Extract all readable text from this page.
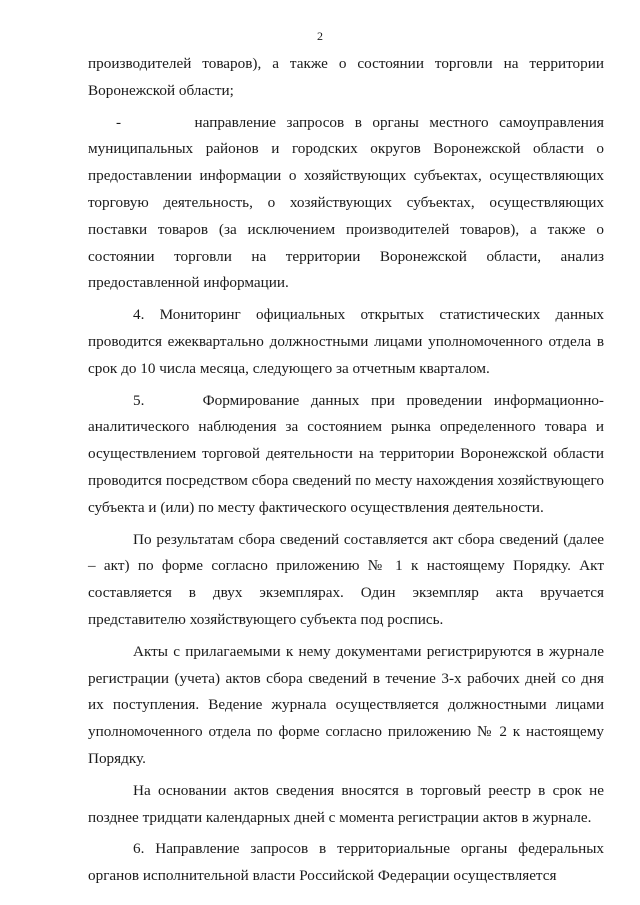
2

производителей товаров), а также о состоянии торговли на территории Воронежской области;

-       направление запросов в органы местного самоуправления муниципальных районов и городских округов Воронежской области о предоставлении информации о хозяйствующих субъектах, осуществляющих торговую деятельность, о хозяйствующих субъектах, осуществляющих поставки товаров (за исключением производителей товаров), а также о состоянии торговли на территории Воронежской области, анализ предоставленной информации.

4. Мониторинг официальных открытых статистических данных проводится ежеквартально должностными лицами уполномоченного отдела в срок до 10 числа месяца, следующего за отчетным кварталом.

5.     Формирование данных при проведении информационно-аналитического наблюдения за состоянием рынка определенного товара и осуществлением торговой деятельности на территории Воронежской области проводится посредством сбора сведений по месту нахождения хозяйствующего субъекта и (или) по месту фактического осуществления деятельности.

По результатам сбора сведений составляется акт сбора сведений (далее – акт) по форме согласно приложению № 1 к настоящему Порядку. Акт составляется в двух экземплярах. Один экземпляр акта вручается представителю хозяйствующего субъекта под роспись.

Акты с прилагаемыми к нему документами регистрируются в журнале регистрации (учета) актов сбора сведений в течение 3-х рабочих дней со дня их поступления. Ведение журнала осуществляется должностными лицами уполномоченного отдела по форме согласно приложению № 2 к настоящему Порядку.

На основании актов сведения вносятся в торговый реестр в срок не позднее тридцати календарных дней с момента регистрации актов в журнале.

6. Направление запросов в территориальные органы федеральных органов исполнительной власти Российской Федерации осуществляется
